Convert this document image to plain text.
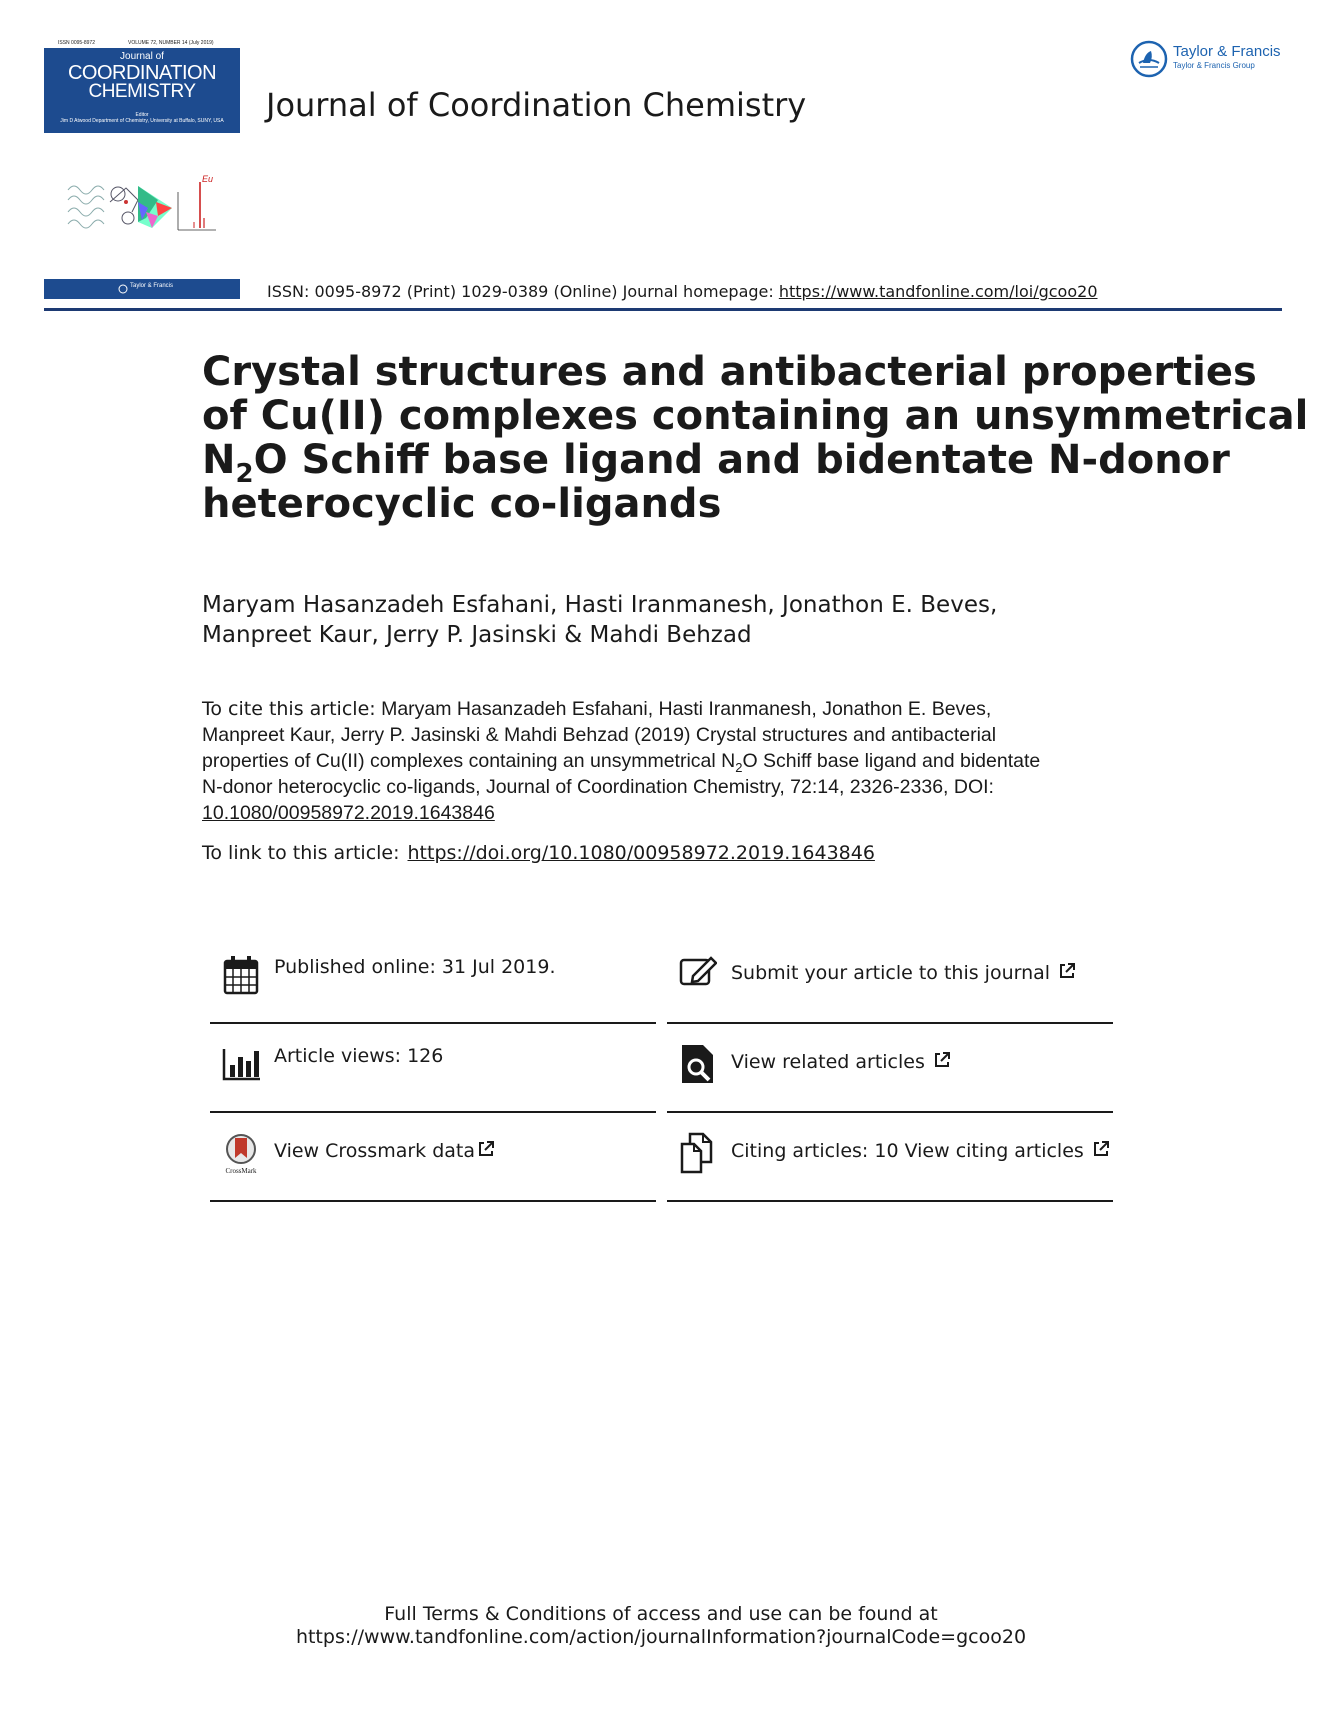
ISSN 0095-8972	VOLUME 72, NUMBER 14 (July 2019)
Journal of
COORDINATION
CHEMISTRY
Editor
Jim D Atwood Department of Chemistry, University at Buffalo, SUNY, USA
Eu
Taylor & Francis
Journal of Coordination Chemistry
Taylor & Francis
Taylor & Francis Group
ISSN: 0095-8972 (Print) 1029-0389 (Online) Journal homepage: https://www.tandfonline.com/loi/gcoo20
Crystal structures and antibacterial properties
of Cu(II) complexes containing an unsymmetrical
$N_2O$ Schiff base ligand and bidentate N-donor
heterocyclic co-ligands
Maryam Hasanzadeh Esfahani, Hasti Iranmanesh, Jonathon E. Beves,
Manpreet Kaur, Jerry P. Jasinski & Mahdi Behzad
To cite this article: Maryam Hasanzadeh Esfahani, Hasti Iranmanesh, Jonathon E. Beves,
Manpreet Kaur, Jerry P. Jasinski & Mahdi Behzad (2019) Crystal structures and antibacterial
properties of Cu(II) complexes containing an unsymmetrical $N_2O$ Schiff base ligand and bidentate
N-donor heterocyclic co-ligands, Journal of Coordination Chemistry, 72:14, 2326-2336, DOI:
10.1080/00958972.2019.1643846
To link to this article: https://doi.org/10.1080/00958972.2019.1643846
Published online: 31 Jul 2019.	Submit your article to this journal
Article views: 126	View related articles
CrossMark
View Crossmark data	Citing articles: 10 View citing articles
Full Terms & Conditions of access and use can be found at
https://www.tandfonline.com/action/journalInformation?journalCode=gcoo20
